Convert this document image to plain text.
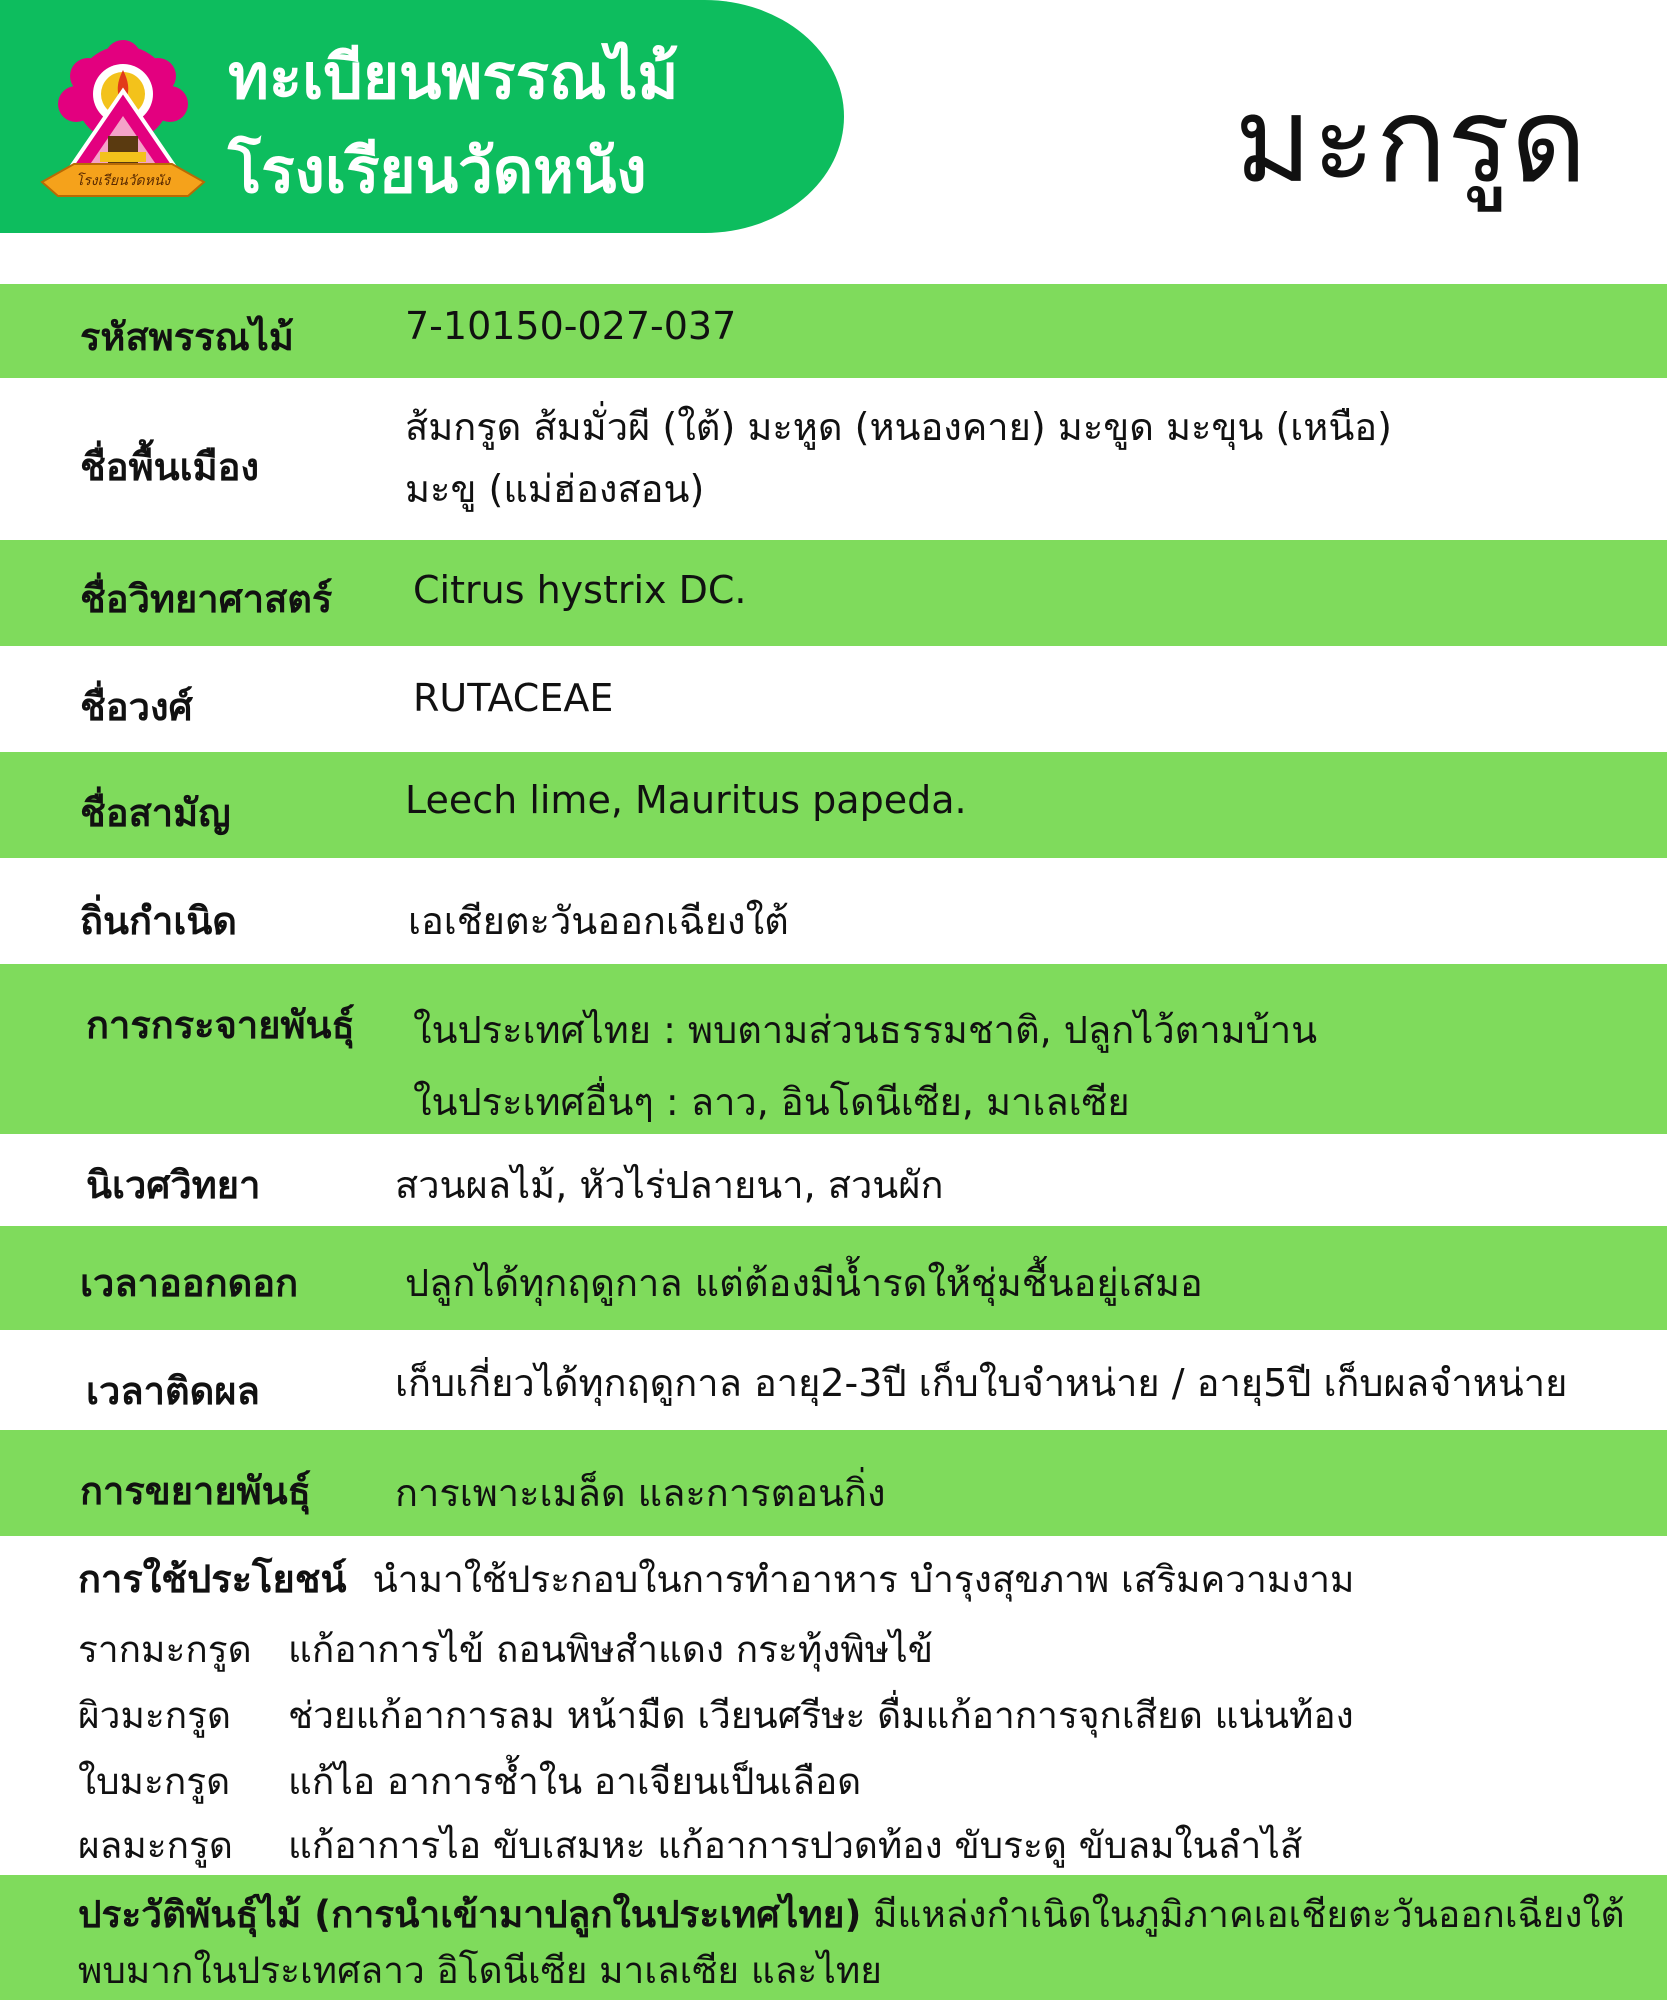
โรงเรียนวัดหนัง
ทะเบียนพรรณไม้
โรงเรียนวัดหนัง	มะกรูด
รหัสพรรณไม้	7-10150-027-037
ชื่อพื้นเมือง
ส้มกรูด ส้มมั่วผี (ใต้) มะหูด (หนองคาย) มะขูด มะขุน (เหนือ)
มะขู (แม่ฮ่องสอน)
ชื่อวิทยาศาสตร์ Citrus hystrix DC.
ชื่อวงศ์	RUTACEAE
ชื่อสามัญ	Leech lime, Mauritus papeda.
ถิ่นกำเนิด	เอเชียตะวันออกเฉียงใต้
การกระจายพันธุ์ ในประเทศไทย : พบตามส่วนธรรมชาติ, ปลูกไว้ตามบ้าน
ในประเทศอื่นๆ : ลาว, อินโดนีเซีย, มาเลเซีย
นิเวศวิทยา	สวนผลไม้, หัวไร่ปลายนา, สวนผัก
เวลาออกดอก	ปลูกได้ทุกฤดูกาล แต่ต้องมีน้ำรดให้ชุ่มชื้นอยู่เสมอ
เวลาติดผล	เก็บเกี่ยวได้ทุกฤดูกาล อายุ2-3ปี เก็บใบจำหน่าย / อายุ5ปี เก็บผลจำหน่าย
การขยายพันธุ์ การเพาะเมล็ด และการตอนกิ่ง
การใช้ประโยชน์ นำมาใช้ประกอบในการทำอาหาร บำรุงสุขภาพ เสริมความงาม
รากมะกรูด แก้อาการไข้ ถอนพิษสำแดง กระทุ้งพิษไข้
ผิวมะกรูด ช่วยแก้อาการลม หน้ามืด เวียนศรีษะ ดื่มแก้อาการจุกเสียด แน่นท้อง
ใบมะกรูด แก้ไอ อาการช้ำใน อาเจียนเป็นเลือด
ผลมะกรูด แก้อาการไอ ขับเสมหะ แก้อาการปวดท้อง ขับระดู ขับลมในลำไส้
ประวัติพันธุ์ไม้ (การนำเข้ามาปลูกในประเทศไทย) มีแหล่งกำเนิดในภูมิภาคเอเชียตะวันออกเฉียงใต้ พบมากในประเทศลาว อิโดนีเซีย มาเลเซีย และไทย
